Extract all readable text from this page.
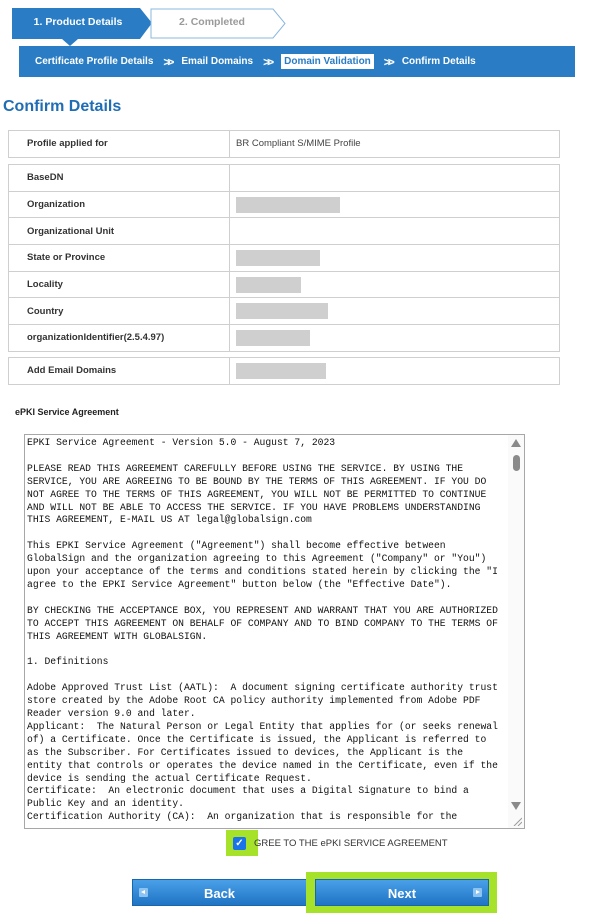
1. Product Details	2. Completed
Certificate Profile Details >> Email Domains >>	Domain Validation >> Confirm Details
Confirm Details
Profile applied for	BR Compliant S/MIME Profile
BaseDN	
Organization	
Organizational Unit	
State or Province	
Locality	
Country	
organizationIdentifier(2.5.4.97)	
Add Email Domains	
ePKI Service Agreement
EPKI Service Agreement - Version 5.0 - August 7, 2023

PLEASE READ THIS AGREEMENT CAREFULLY BEFORE USING THE SERVICE. BY USING THE
SERVICE, YOU ARE AGREEING TO BE BOUND BY THE TERMS OF THIS AGREEMENT. IF YOU DO
NOT AGREE TO THE TERMS OF THIS AGREEMENT, YOU WILL NOT BE PERMITTED TO CONTINUE
AND WILL NOT BE ABLE TO ACCESS THE SERVICE. IF YOU HAVE PROBLEMS UNDERSTANDING
THIS AGREEMENT, E-MAIL US AT legal@globalsign.com

This EPKI Service Agreement ("Agreement") shall become effective between
GlobalSign and the organization agreeing to this Agreement ("Company" or "You")
upon your acceptance of the terms and conditions stated herein by clicking the "I
agree to the EPKI Service Agreement" button below (the "Effective Date").

BY CHECKING THE ACCEPTANCE BOX, YOU REPRESENT AND WARRANT THAT YOU ARE AUTHORIZED
TO ACCEPT THIS AGREEMENT ON BEHALF OF COMPANY AND TO BIND COMPANY TO THE TERMS OF
THIS AGREEMENT WITH GLOBALSIGN.

1. Definitions

Adobe Approved Trust List (AATL):  A document signing certificate authority trust
store created by the Adobe Root CA policy authority implemented from Adobe PDF
Reader version 9.0 and later.
Applicant:  The Natural Person or Legal Entity that applies for (or seeks renewal
of) a Certificate. Once the Certificate is issued, the Applicant is referred to
as the Subscriber. For Certificates issued to devices, the Applicant is the
entity that controls or operates the device named in the Certificate, even if the
device is sending the actual Certificate Request.
Certificate:  An electronic document that uses a Digital Signature to bind a
Public Key and an identity.
Certification Authority (CA):  An organization that is responsible for the
✓ GREE TO THE ePKI SERVICE AGREEMENT
Back	Next
